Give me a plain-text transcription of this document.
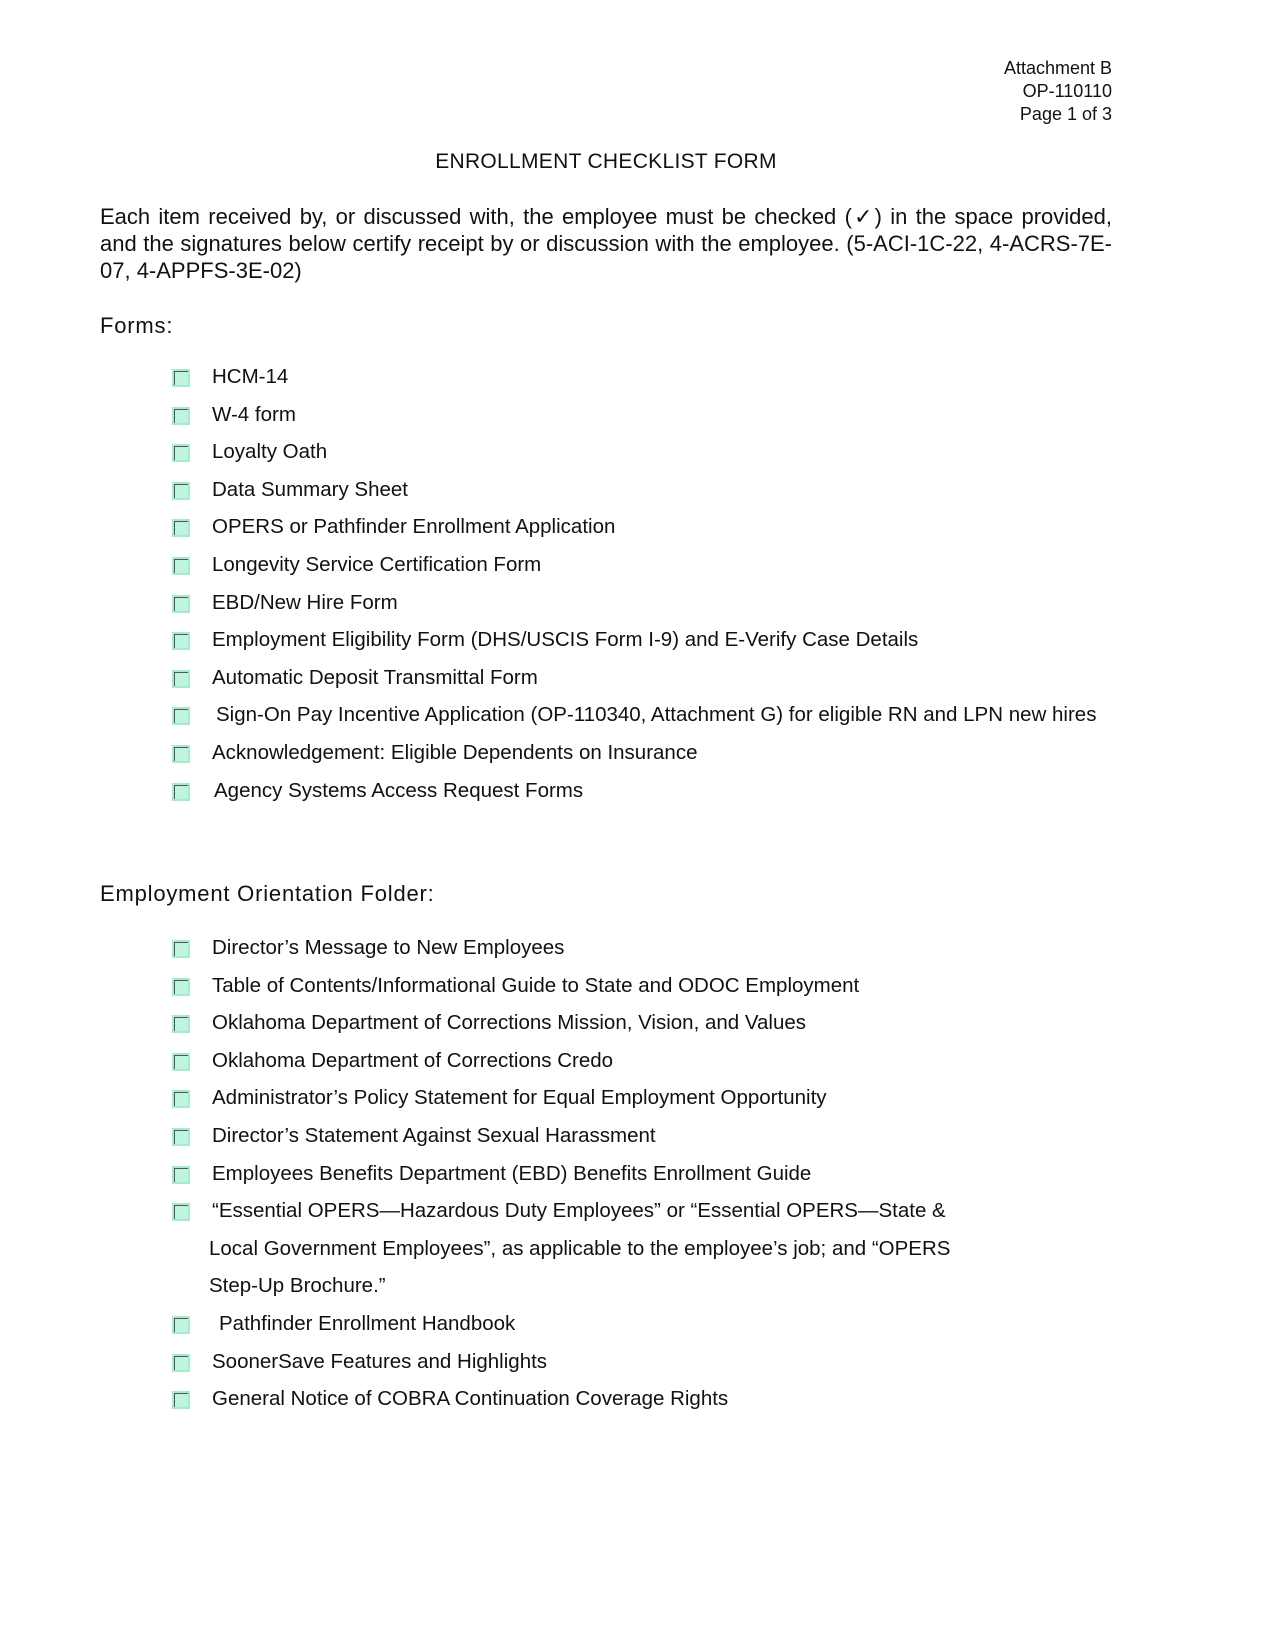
Attachment B
OP-110110
Page 1 of 3
ENROLLMENT CHECKLIST FORM
Each item received by, or discussed with, the employee must be checked (✓) in the space provided, and the signatures below certify receipt by or discussion with the employee. (5-ACI-1C-22, 4-ACRS-7E-07, 4-APPFS-3E-02)
Forms:
HCM-14
W-4 form
Loyalty Oath
Data Summary Sheet
OPERS or Pathfinder Enrollment Application
Longevity Service Certification Form
EBD/New Hire Form
Employment Eligibility Form (DHS/USCIS Form I-9) and E-Verify Case Details
Automatic Deposit Transmittal Form
Sign-On Pay Incentive Application (OP-110340, Attachment G) for eligible RN and LPN new hires
Acknowledgement: Eligible Dependents on Insurance
Agency Systems Access Request Forms
Employment Orientation Folder:
Director’s Message to New Employees
Table of Contents/Informational Guide to State and ODOC Employment
Oklahoma Department of Corrections Mission, Vision, and Values
Oklahoma Department of Corrections Credo
Administrator’s Policy Statement for Equal Employment Opportunity
Director’s Statement Against Sexual Harassment
Employees Benefits Department (EBD) Benefits Enrollment Guide
“Essential OPERS—Hazardous Duty Employees” or “Essential OPERS—State &
Local Government Employees”, as applicable to the employee’s job; and “OPERS
Step-Up Brochure.”
Pathfinder Enrollment Handbook
SoonerSave Features and Highlights
General Notice of COBRA Continuation Coverage Rights
